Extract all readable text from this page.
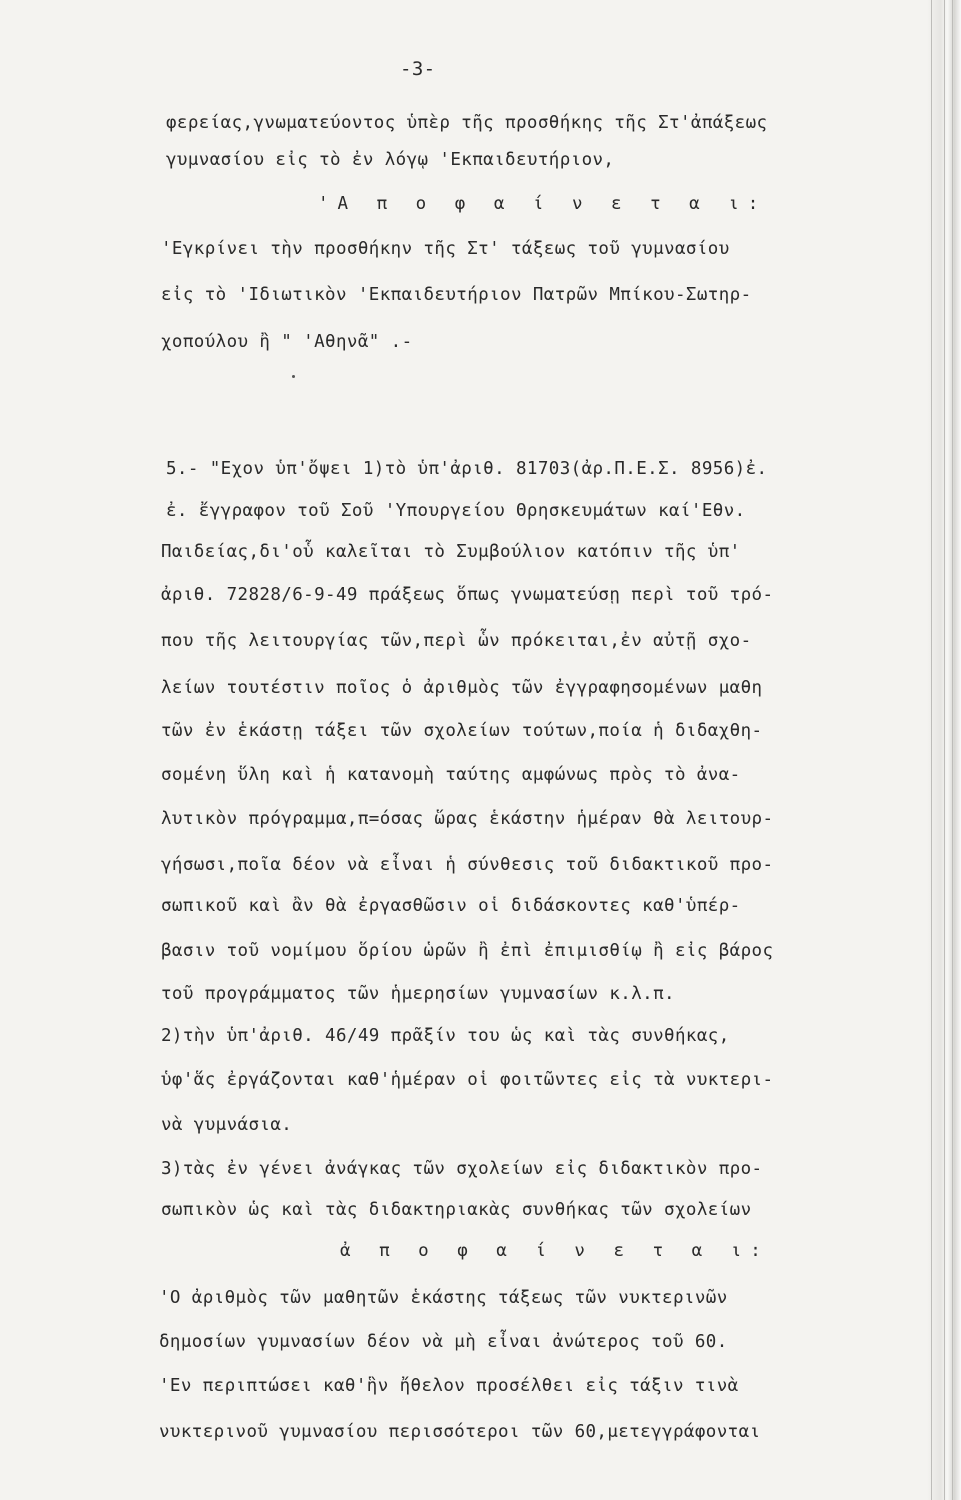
-3-
φερείας,γνωματεύοντος ὑπὲρ τῆς προσθήκης τῆς Στ'ἀπάξεως
γυμνασίου εἰς τὸ ἐν λόγῳ 'Εκπαιδευτήριον,
'Α π ο φ α ί ν ε τ α ι:
'Εγκρίνει τὴν προσθήκην τῆς Στ' τάξεως τοῦ γυμνασίου
εἰς τὸ 'Ιδιωτικὸν 'Εκπαιδευτήριον Πατρῶν Μπίκου-Σωτηρ-
χοπούλου ἢ " 'Αθηνᾶ" .-
5.- "Εχον ὑπ'ὄψει 1)τὸ ὑπ'ἀριθ. 81703(ἀρ.Π.Ε.Σ. 8956)ἐ.
ἐ. ἔγγραφον τοῦ Σοῦ 'Υπουργείου Θρησκευμάτων καί'Εθν.
Παιδείας,δι'οὗ καλεῖται τὸ Συμβούλιον κατόπιν τῆς ὑπ'
ἀριθ. 72828/6-9-49 πράξεως ὅπως γνωματεύσῃ περὶ τοῦ τρό-
που τῆς λειτουργίας τῶν,περὶ ὧν πρόκειται,ἐν αὐτῇ σχο-
λείων τουτέστιν ποῖος ὁ ἀριθμὸς τῶν ἐγγραφησομένων μαθη
τῶν ἐν ἑκάστῃ τάξει τῶν σχολείων τούτων,ποία ἡ διδαχθη-
σομένη ὕλη καὶ ἡ κατανομὴ ταύτης αμφώνως πρὸς τὸ ἀνα-
λυτικὸν πρόγραμμα,π=όσας ὥρας ἑκάστην ἡμέραν θὰ λειτουρ-
γήσωσι,ποῖα δέον νὰ εἶναι ἡ σύνθεσις τοῦ διδακτικοῦ προ-
σωπικοῦ καὶ ἂν θὰ ἐργασθῶσιν οἱ διδάσκοντες καθ'ὑπέρ-
βασιν τοῦ νομίμου ὅρίου ὡρῶν ἢ ἐπὶ ἐπιμισθίῳ ἢ εἰς βάρος
τοῦ προγράμματος τῶν ἡμερησίων γυμνασίων κ.λ.π.
2)τὴν ὑπ'ἀριθ. 46/49 πρᾶξίν του ὡς καὶ τὰς συνθήκας,
ὑφ'ἅς ἐργάζονται καθ'ἡμέραν οἱ φοιτῶντες εἰς τὰ νυκτερι-
νὰ γυμνάσια.
3)τὰς ἐν γένει ἀνάγκας τῶν σχολείων εἰς διδακτικὸν προ-
σωπικὸν ὡς καὶ τὰς διδακτηριακὰς συνθήκας τῶν σχολείων
ἀ π ο φ α ί ν ε τ α ι:
'Ο ἀριθμὸς τῶν μαθητῶν ἑκάστης τάξεως τῶν νυκτερινῶν
δημοσίων γυμνασίων δέον νὰ μὴ εἶναι ἀνώτερος τοῦ 60.
'Εν περιπτώσει καθ'ἣν ἤθελον προσέλθει εἰς τάξιν τινὰ
νυκτερινοῦ γυμνασίου περισσότεροι τῶν 60,μετεγγράφονται
